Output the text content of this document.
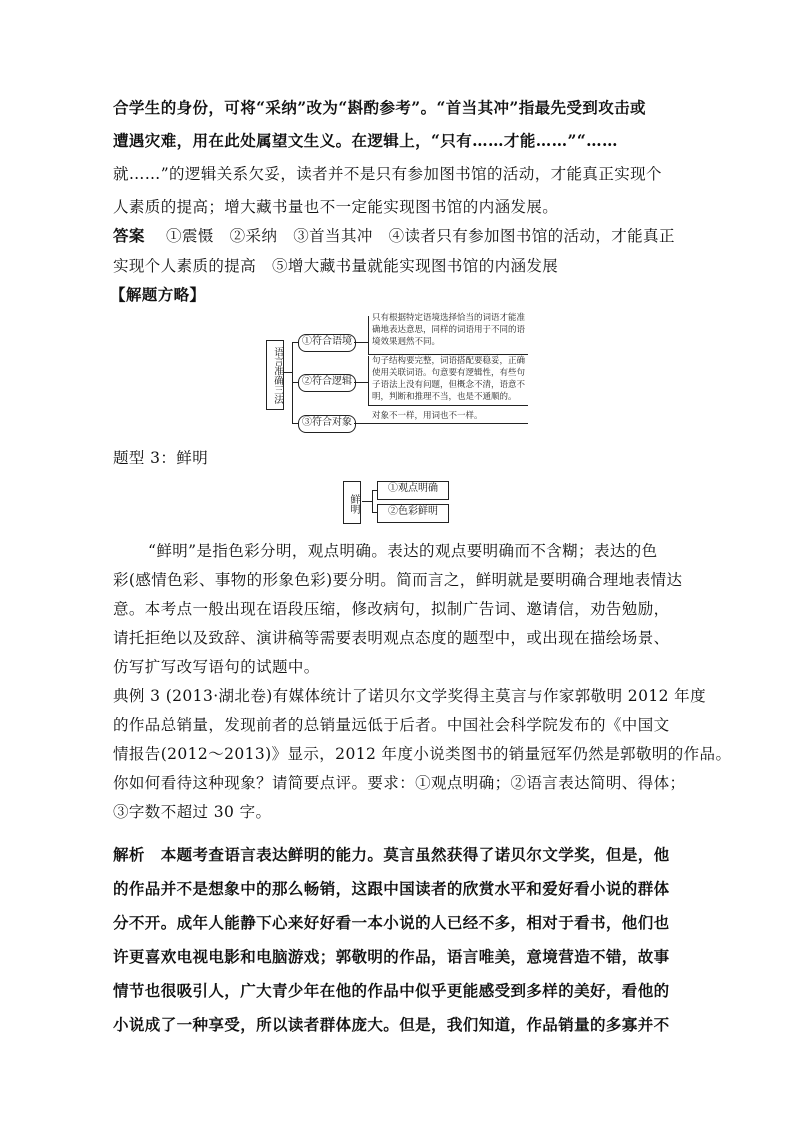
合学生的身份，可将“采纳”改为“斟酌参考”。“首当其冲”指最先受到攻击或
遭遇灾难，用在此处属望文生义。在逻辑上，“只有……才能……”“……
就……”的逻辑关系欠妥，读者并不是只有参加图书馆的活动，才能真正实现个
人素质的提高；增大藏书量也不一定能实现图书馆的内涵发展。
答案 　 ①震慑　②采纳　③首当其冲　④读者只有参加图书馆的活动，才能真正
实现个人素质的提高　⑤增大藏书量就能实现图书馆的内涵发展
【解题方略】
语言准确三法
①符合语境
②符合逻辑
③符合对象
只有根据特定语境选择恰当的词语才能准确地表达意思，同样的词语用于不同的语境效果迥然不同。
句子结构要完整，词语搭配要稳妥，正确使用关联词语。句意要有逻辑性，有些句子语法上没有问题，但概念不清，语意不明，判断和推理不当，也是不通顺的。
对象不一样，用词也不一样。
题型 3：鲜明
鲜明
①观点明确
②色彩鲜明
“鲜明”是指色彩分明，观点明确。表达的观点要明确而不含糊；表达的色
彩(感情色彩、事物的形象色彩)要分明。简而言之，鲜明就是要明确合理地表情达
意。本考点一般出现在语段压缩，修改病句，拟制广告词、邀请信，劝告勉励，
请托拒绝以及致辞、演讲稿等需要表明观点态度的题型中，或出现在描绘场景、
仿写扩写改写语句的试题中。
典例 3 (2013·湖北卷)有媒体统计了诺贝尔文学奖得主莫言与作家郭敬明 2012 年度
的作品总销量，发现前者的总销量远低于后者。中国社会科学院发布的《中国文
情报告(2012～2013)》显示，2012 年度小说类图书的销量冠军仍然是郭敬明的作品。
你如何看待这种现象？请简要点评。要求：①观点明确；②语言表达简明、得体；
③字数不超过 30 字。
解析　 本题考查语言表达鲜明的能力。莫言虽然获得了诺贝尔文学奖，但是，他
的作品并不是想象中的那么畅销，这跟中国读者的欣赏水平和爱好看小说的群体
分不开。成年人能静下心来好好看一本小说的人已经不多，相对于看书，他们也
许更喜欢电视电影和电脑游戏；郭敬明的作品，语言唯美，意境营造不错，故事
情节也很吸引人，广大青少年在他的作品中似乎更能感受到多样的美好，看他的
小说成了一种享受，所以读者群体庞大。但是，我们知道，作品销量的多寡并不
